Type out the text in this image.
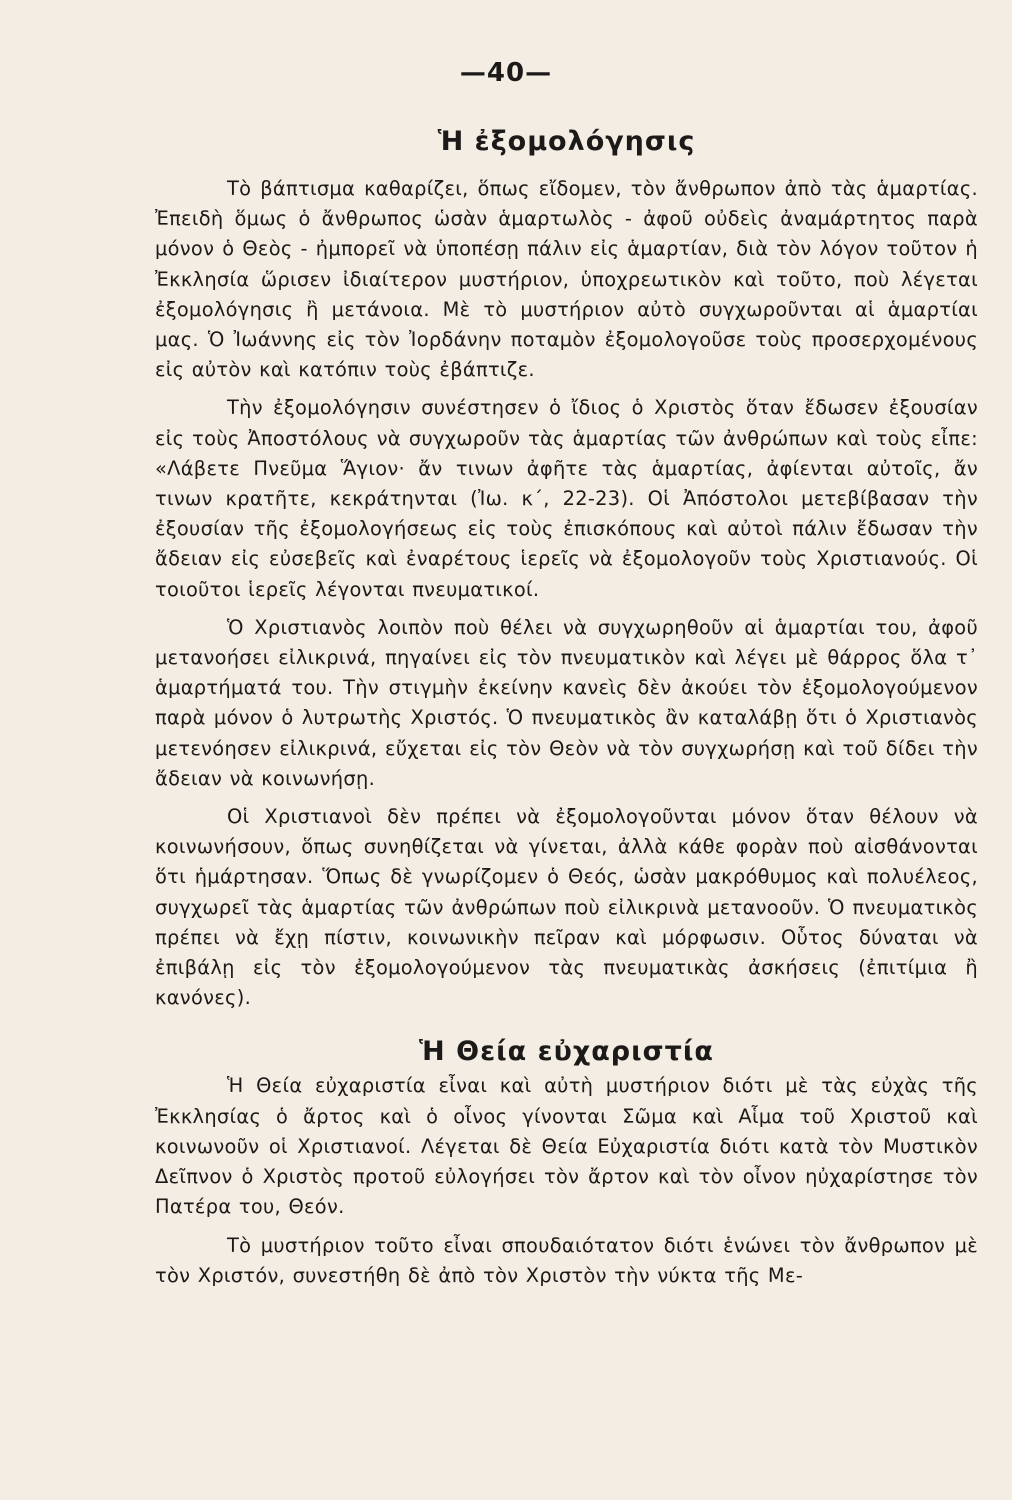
—40—
Ἡ ἐξομολόγησις

Τὸ βάπτισμα καθαρίζει, ὅπως εἴδομεν, τὸν ἄνθρωπον ἀπὸ τὰς ἁμαρτίας. Ἐπειδὴ ὅμως ὁ ἄνθρωπος ὡσὰν ἁμαρτωλὸς - ἀφοῦ οὐδεὶς ἀναμάρτητος παρὰ μόνον ὁ Θεὸς - ἠμπορεῖ νὰ ὑποπέσῃ πάλιν εἰς ἁμαρτίαν, διὰ τὸν λόγον τοῦτον ἡ Ἐκκλησία ὥρισεν ἰδιαίτερον μυστήριον, ὑποχρεωτικὸν καὶ τοῦτο, ποὺ λέγεται ἐξομολόγησις ἢ μετάνοια. Μὲ τὸ μυστήριον αὐτὸ συγχωροῦνται αἱ ἁμαρτίαι μας. Ὁ Ἰωάννης εἰς τὸν Ἰορδάνην ποταμὸν ἐξομολογοῦσε τοὺς προσερχομένους εἰς αὐτὸν καὶ κατόπιν τοὺς ἐβάπτιζε.

Τὴν ἐξομολόγησιν συνέστησεν ὁ ἴδιος ὁ Χριστὸς ὅταν ἔδωσεν ἐξουσίαν εἰς τοὺς Ἀποστόλους νὰ συγχωροῦν τὰς ἁμαρτίας τῶν ἀνθρώπων καὶ τοὺς εἶπε: «Λάβετε Πνεῦμα Ἅγιον· ἄν τινων ἀφῆτε τὰς ἁμαρτίας, ἀφίενται αὐτοῖς, ἄν τινων κρατῆτε, κεκράτηνται (Ἰω. κ΄, 22-23). Οἱ Ἀπόστολοι μετεβίβασαν τὴν ἐξουσίαν τῆς ἐξομολογήσεως εἰς τοὺς ἐπισκόπους καὶ αὐτοὶ πάλιν ἔδωσαν τὴν ἄδειαν εἰς εὐσεβεῖς καὶ ἐναρέτους ἱερεῖς νὰ ἐξομολογοῦν τοὺς Χριστιανούς. Οἱ τοιοῦτοι ἱερεῖς λέγονται πνευματικοί.

Ὁ Χριστιανὸς λοιπὸν ποὺ θέλει νὰ συγχωρηθοῦν αἱ ἁμαρτίαι του, ἀφοῦ μετανοήσει εἰλικρινά, πηγαίνει εἰς τὸν πνευματικὸν καὶ λέγει μὲ θάρρος ὅλα τ᾽ ἁμαρτήματά του. Τὴν στιγμὴν ἐκείνην κανεὶς δὲν ἀκούει τὸν ἐξομολογούμενον παρὰ μόνον ὁ λυτρωτὴς Χριστός. Ὁ πνευματικὸς ἂν καταλάβῃ ὅτι ὁ Χριστιανὸς μετενόησεν εἰλικρινά, εὔχεται εἰς τὸν Θεὸν νὰ τὸν συγχωρήσῃ καὶ τοῦ δίδει τὴν ἄδειαν νὰ κοινωνήσῃ.

Οἱ Χριστιανοὶ δὲν πρέπει νὰ ἐξομολογοῦνται μόνον ὅταν θέλουν νὰ κοινωνήσουν, ὅπως συνηθίζεται νὰ γίνεται, ἀλλὰ κάθε φορὰν ποὺ αἰσθάνονται ὅτι ἡμάρτησαν. Ὅπως δὲ γνωρίζομεν ὁ Θεός, ὡσὰν μακρόθυμος καὶ πολυέλεος, συγχωρεῖ τὰς ἁμαρτίας τῶν ἀνθρώπων ποὺ εἰλικρινὰ μετανοοῦν. Ὁ πνευματικὸς πρέπει νὰ ἔχῃ πίστιν, κοινωνικὴν πεῖραν καὶ μόρφωσιν. Οὗτος δύναται νὰ ἐπιβάλῃ εἰς τὸν ἐξομολογούμενον τὰς πνευματικὰς ἀσκήσεις (ἐπιτίμια ἢ κανόνες).

Ἡ Θεία εὐχαριστία

Ἡ Θεία εὐχαριστία εἶναι καὶ αὐτὴ μυστήριον διότι μὲ τὰς εὐχὰς τῆς Ἐκκλησίας ὁ ἄρτος καὶ ὁ οἶνος γίνονται Σῶμα καὶ Αἷμα τοῦ Χριστοῦ καὶ κοινωνοῦν οἱ Χριστιανοί. Λέγεται δὲ Θεία Εὐχαριστία διότι κατὰ τὸν Μυστικὸν Δεῖπνον ὁ Χριστὸς προτοῦ εὐλογήσει τὸν ἄρτον καὶ τὸν οἶνον ηὐχαρίστησε τὸν Πατέρα του, Θεόν.

Τὸ μυστήριον τοῦτο εἶναι σπουδαιότατον διότι ἑνώνει τὸν ἄνθρωπον μὲ τὸν Χριστόν, συνεστήθη δὲ ἀπὸ τὸν Χριστὸν τὴν νύκτα τῆς Με-
